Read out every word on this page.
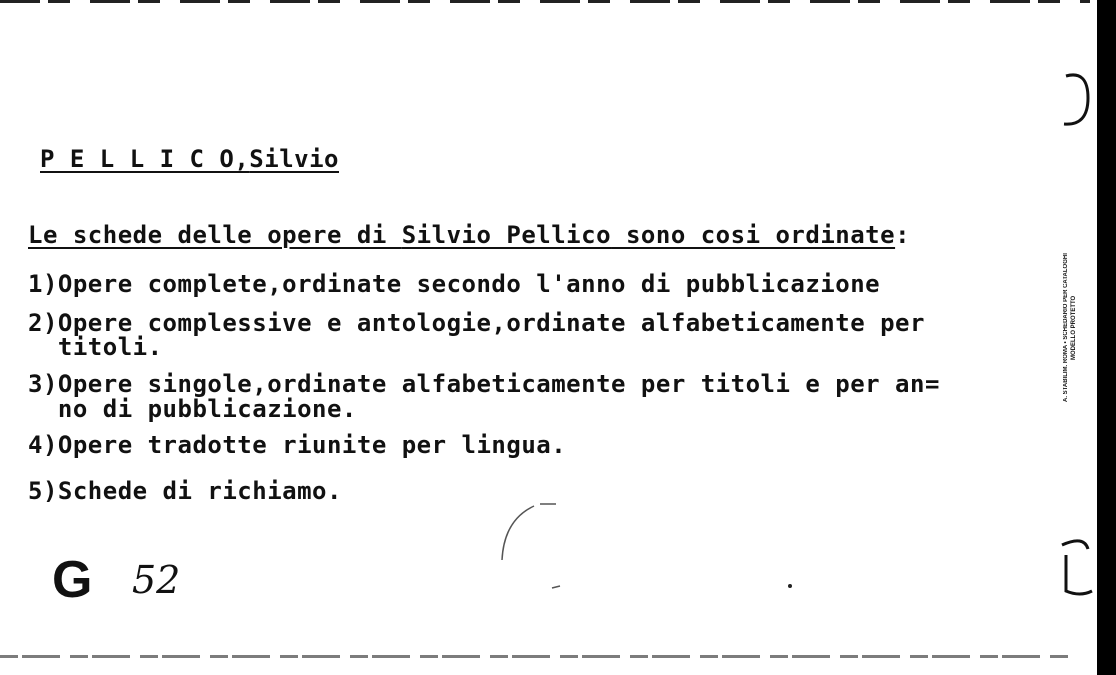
P E L L I C O,Silvio
Le schede delle opere di Silvio Pellico sono cosi ordinate:
1)Opere complete,ordinate secondo l'anno di pubblicazione
2)Opere complessive e antologie,ordinate alfabeticamente per
titoli.
3)Opere singole,ordinate alfabeticamente per titoli e per an=
no di pubblicazione.
4)Opere tradotte riunite per lingua.
5)Schede di richiamo.
G 52
A. STABILIM. ROMA • SCHEDARIO PER CATALOGHI MODELLO PROTETTO
